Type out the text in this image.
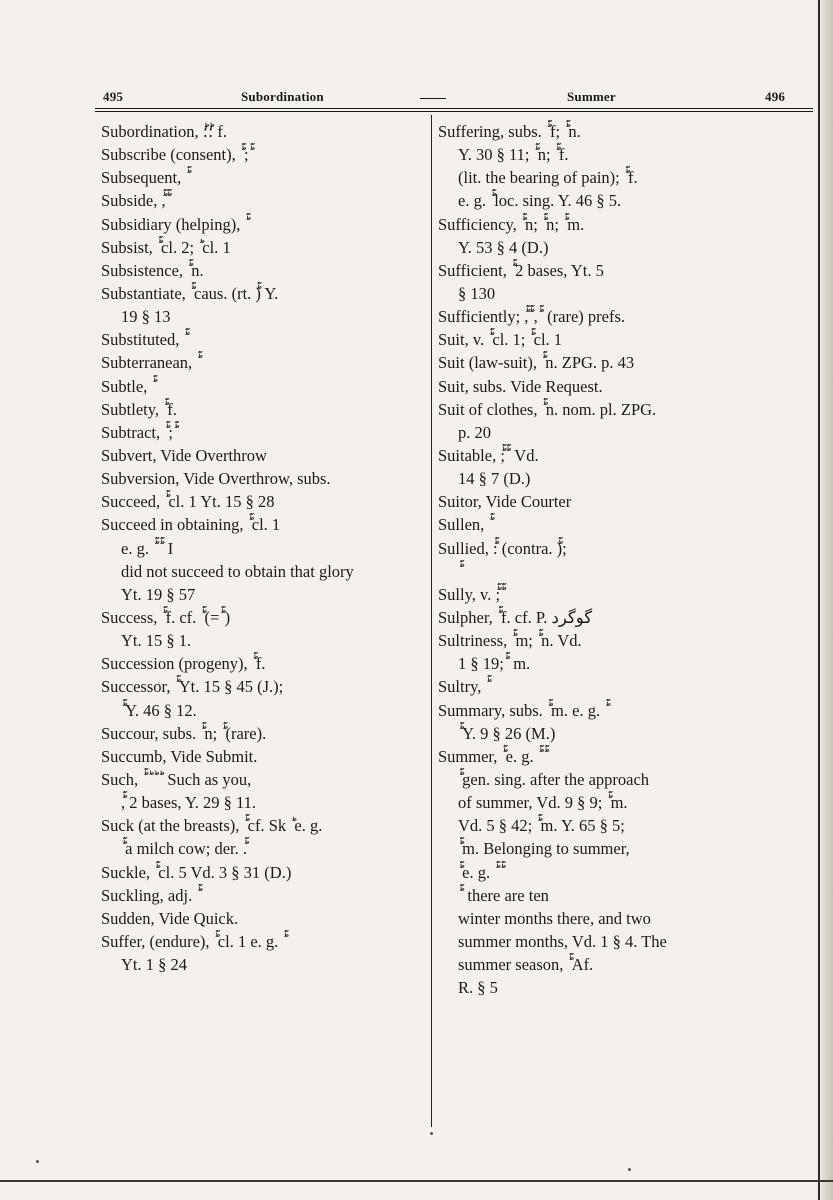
495	Subordination	Summer	496
Subordination, ؕ؛ؕ؛ f.
Subscribe (consent), ؕؕ ; ؕؕ
Subsequent, ؕؕؕ
Subside, ؕؕؕؕ, ؕؕؕؕ
Subsidiary (helping), ؕؕؕؕؕ
Subsist, ؕؕ cl. 2; ؕ cl. 1
Subsistence, ؕؕؕ n.
Substantiate, ؕؕؕ caus. (rt. ؕؕ) Y.
19 § 13
Substituted, ؕؕؕ
Subterranean, ؕؕؕؕؕ
Subtle, ؕؕؕؕؕؕ
Subtlety, ؕؕؕؕؕ f.
Subtract, ؕؕؕ ; ؕؕؕ
Subvert, Vide Overthrow
Subversion, Vide Overthrow, subs.
Succeed, ؕؕؕ cl. 1 Yt. 15 § 28
Succeed in obtaining, ؕؕؕ cl. 1
e. g. ؕؕؕؕؕ ؕؕؕ ؕؕؕ I
did not succeed to obtain that glory
Yt. 19 § 57
Success, ؕؕ f. cf. ؕؕؕ (= ؕؕؕ)
Yt. 15 § 1.
Succession (progeny), ؕؕؕؕ f.
Successor, ؕؕؕؕ Yt. 15 § 45 (J.);
ؕؕؕ Y. 46 § 12.
Succour, subs. ؕؕؕ n; ؕؕؕ (rare).
Succumb, Vide Submit.
Such, ؕ ؕ ؕ ؕ ؕ Such as you,
ؕؕؕؕؕ, 2 bases, Y. 29 § 11.
Suck (at the breasts), ؕؕ cf. Sk ؕ e. g.
ؕؕ a milch cow; der. ؕؕؕ.
Suckle, ؕؕؕ cl. 5 Vd. 3 § 31 (D.)
Suckling, adj. ؕؕؕؕ
Sudden, Vide Quick.
Suffer, (endure), ؕؕ cl. 1 e. g. ؕؕؕؕ
Yt. 1 § 24
Suffering, subs. ؕؕؕ f; ؕؕؕؕ n.
Y. 30 § 11; ؕؕؕؕ n; ؕؕؕؕ f.
(lit. the bearing of pain); ؕؕؕ f.
e. g. ؕؕؕؕ loc. sing. Y. 46 § 5.
Sufficiency, ؕؕ n; ؕؕؕ n; ؕؕؕ m.
Y. 53 § 4 (D.)
Sufficient, ؕؕؕؕؕ 2 bases, Yt. 5
§ 130
Sufficiently; ؕؕ, ؕؕ, ؕؕ (rare) prefs.
Suit, v. ؕؕ cl. 1; ؕؕ cl. 1
Suit (law-suit), ؕؕؕ n. ZPG. p. 43
Suit, subs. Vide Request.
Suit of clothes, ؕؕؕ n. nom. pl. ZPG.
p. 20
Suitable, ؕؕؕؕ; ؕؕؕؕؕ Vd.
14 § 7 (D.)
Suitor, Vide Courter
Sullen, ؕؕؕ
Sullied, ؕؕؕ: (contra. ؕؕؕؕ);
Sully, v. ؕؕ; ؕؕؕ
Sulpher, ؕؕؕؕؕ f. cf. P. گوگرد
Sultriness, ؕؕؕ m; ؕؕؕؕ n. Vd.
1 § 19; ؕؕؕ m.
Sultry, ؕؕؕؕؕ
Summary, subs. ؕؕ m. e. g. ؕؕؕؕ
ؕؕؕؕ Y. 9 § 26 (M.)
Summer, ؕؕ e. g. ؕؕؕ ؕؕؕ ؕؕؕ
ؕؕؕ gen. sing. after the approach
of summer, Vd. 9 § 9; ؕؕؕ m.
Vd. 5 § 42; ؕؕؕ m. Y. 65 § 5;
ؕؕؕؕ m. Belonging to summer,
ؕؕؕ e. g. ؕؕؕ ؕؕؕ ؕؕؕ
ؕؕؕؕ ؕؕؕ there are ten
winter months there, and two
summer months, Vd. 1 § 4. The
summer season, ؕؕؕؕؕ Af.
R. § 5
